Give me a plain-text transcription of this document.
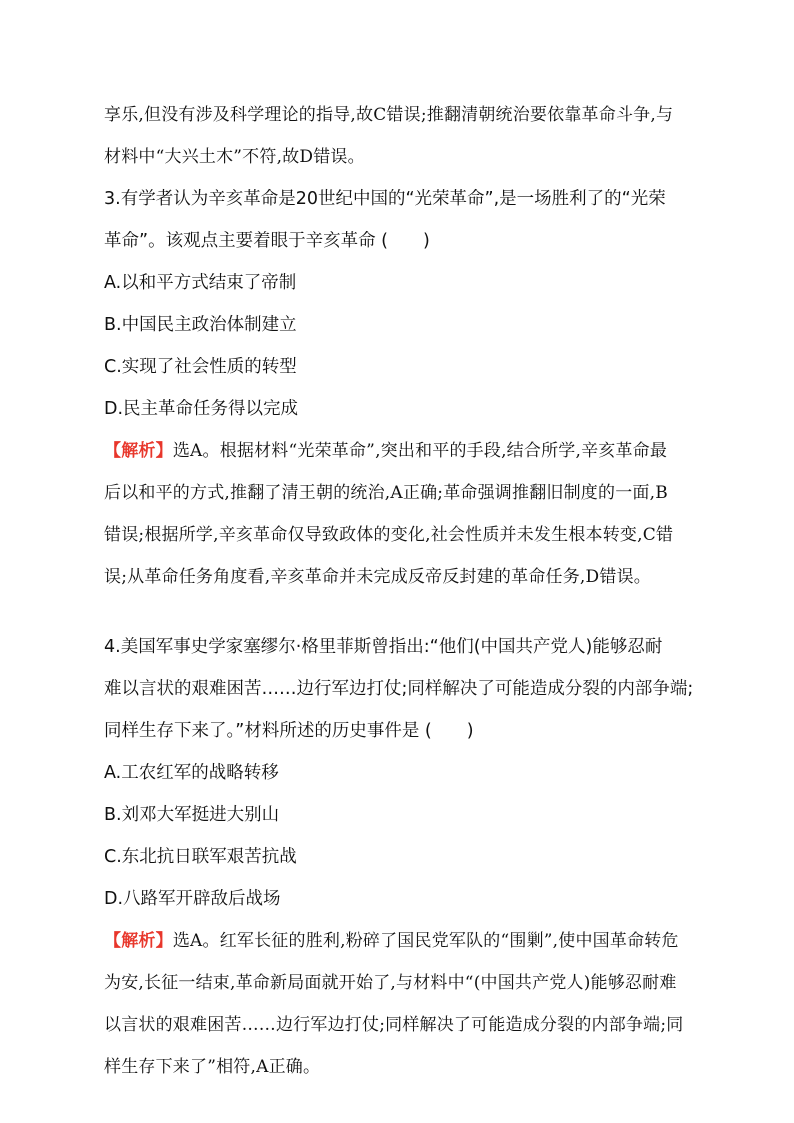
享乐,但没有涉及科学理论的指导,故C错误;推翻清朝统治要依靠革命斗争,与
材料中“大兴土木”不符,故D错误。
3.有学者认为辛亥革命是20世纪中国的“光荣革命”,是一场胜利了的“光荣
革命”。该观点主要着眼于辛亥革命 (　　)
A.以和平方式结束了帝制
B.中国民主政治体制建立
C.实现了社会性质的转型
D.民主革命任务得以完成
【解析】选A。根据材料“光荣革命”,突出和平的手段,结合所学,辛亥革命最
后以和平的方式,推翻了清王朝的统治,A正确;革命强调推翻旧制度的一面,B
错误;根据所学,辛亥革命仅导致政体的变化,社会性质并未发生根本转变,C错
误;从革命任务角度看,辛亥革命并未完成反帝反封建的革命任务,D错误。
4.美国军事史学家塞缪尔·格里菲斯曾指出:“他们(中国共产党人)能够忍耐
难以言状的艰难困苦……边行军边打仗;同样解决了可能造成分裂的内部争端;
同样生存下来了。”材料所述的历史事件是 (　　)
A.工农红军的战略转移
B.刘邓大军挺进大别山
C.东北抗日联军艰苦抗战
D.八路军开辟敌后战场
【解析】选A。红军长征的胜利,粉碎了国民党军队的“围剿”,使中国革命转危
为安,长征一结束,革命新局面就开始了,与材料中“(中国共产党人)能够忍耐难
以言状的艰难困苦……边行军边打仗;同样解决了可能造成分裂的内部争端;同
样生存下来了”相符,A正确。
